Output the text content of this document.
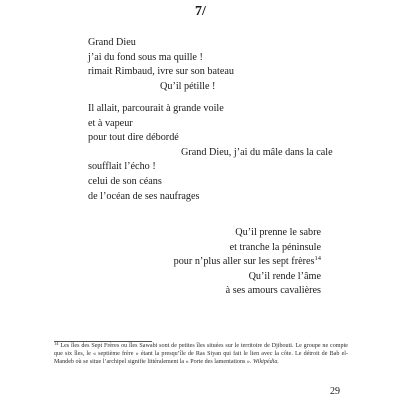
7/
Grand Dieu
j’ai du fond sous ma quille !
rimait Rimbaud, ivre sur son bateau
Qu’il pétille !
Il allait, parcourait à grande voile
et à vapeur
pour tout dire débordé
Grand Dieu, j’ai du mâle dans la cale
soufflait l’écho !
celui de son céans
de l’océan de ses naufrages
Qu’il prenne le sabre
et tranche la péninsule
pour n’plus aller sur les sept frères$^{14}$
Qu’il rende l’âme
à ses amours cavalières
$^{14}$ Les îles des Sept Frères ou îles Sawabi sont de petites îles situées sur le territoire de Djibouti. Le groupe ne compte que six îles, le « septième frère » étant la presqu’île de Ras Siyan qui fait le lien avec la côte. Le détroit de Bab el-Mandeb où se situe l’archipel signifie littéralement la « Porte des lamentations ». Wikipédia.
29
